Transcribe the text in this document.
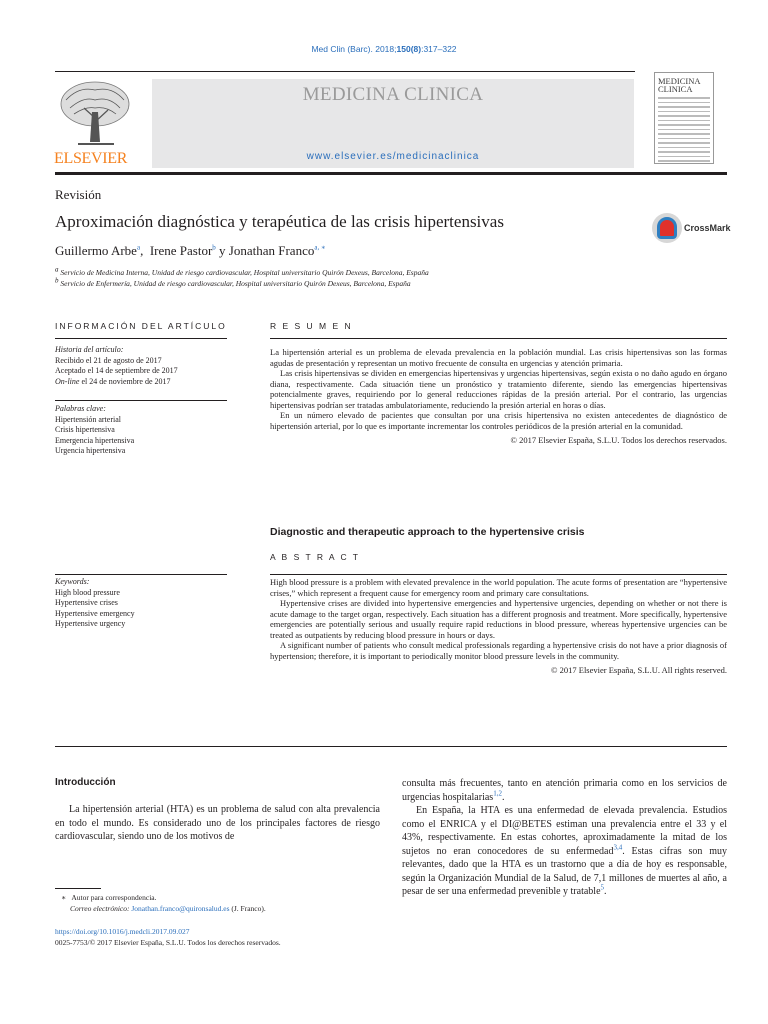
Med Clin (Barc). 2018;150(8):317–322
ELSEVIER
MEDICINA CLINICA
www.elsevier.es/medicinaclinica
MEDICINA CLINICA
Revisión
Aproximación diagnóstica y terapéutica de las crisis hipertensivas	CrossMark
Guillermo Arbe$^a$, Irene Pastor$^b$ y Jonathan Franco$^{a, ∗}$
$^a$ Servicio de Medicina Interna, Unidad de riesgo cardiovascular, Hospital universitario Quirón Dexeus, Barcelona, España
$^b$ Servicio de Enfermería, Unidad de riesgo cardiovascular, Hospital universitario Quirón Dexeus, Barcelona, España
INFORMACIÓN DEL ARTÍCULO
Historia del artículo:
Recibido el 21 de agosto de 2017
Aceptado el 14 de septiembre de 2017
On-line el 24 de noviembre de 2017
Palabras clave:
Hipertensión arterial
Crisis hipertensiva
Emergencia hipertensiva
Urgencia hipertensiva
R E S U M E N

La hipertensión arterial es un problema de elevada prevalencia en la población mundial. Las crisis hipertensivas son las formas agudas de presentación y representan un motivo frecuente de consulta en urgencias y atención primaria.

Las crisis hipertensivas se dividen en emergencias hipertensivas y urgencias hipertensivas, según exista o no daño agudo en órgano diana, respectivamente. Cada situación tiene un pronóstico y tratamiento diferente, siendo las emergencias hipertensivas potencialmente graves, requiriendo por lo general reducciones rápidas de la presión arterial. Por el contrario, las urgencias hipertensivas podrían ser tratadas ambulatoriamente, reduciendo la presión arterial en horas o días.

En un número elevado de pacientes que consultan por una crisis hipertensiva no existen antecedentes de diagnóstico de hipertensión arterial, por lo que es importante incrementar los controles periódicos de la presión arterial en la comunidad.

© 2017 Elsevier España, S.L.U. Todos los derechos reservados.

Diagnostic and therapeutic approach to the hypertensive crisis
A B S T R A C T
Keywords:
High blood pressure
Hypertensive crises
Hypertensive emergency
Hypertensive urgency

High blood pressure is a problem with elevated prevalence in the world population. The acute forms of presentation are “hypertensive crises,” which represent a frequent cause for emergency room and primary care consultations.

Hypertensive crises are divided into hypertensive emergencies and hypertensive urgencies, depending on whether or not there is acute damage to the target organ, respectively. Each situation has a different prognosis and treatment. More specifically, hypertensive emergencies are potentially serious and usually require rapid reductions in blood pressure, whereas hypertensive urgencies can be treated as outpatients by reducing blood pressure in hours or days.

A significant number of patients who consult medical professionals regarding a hypertensive crisis do not have a prior diagnosis of hypertension; therefore, it is important to periodically monitor blood pressure levels in the community.

© 2017 Elsevier España, S.L.U. All rights reserved.

Introducción
La hipertensión arterial (HTA) es un problema de salud con alta prevalencia en todo el mundo. Es considerado uno de los principales factores de riesgo cardiovascular, siendo uno de los motivos de
consulta más frecuentes, tanto en atención primaria como en los servicios de urgencias hospitalarias$^{1,2}$.
En España, la HTA es una enfermedad de elevada prevalencia. Estudios como el ENRICA y el DI@BETES estiman una prevalencia entre el 33 y el 43%, respectivamente. En estas cohortes, aproximadamente la mitad de los sujetos no eran conocedores de su enfermedad$^{3,4}$. Estas cifras son muy relevantes, dado que la HTA es un trastorno que a día de hoy es responsable, según la Organización Mundial de la Salud, de 7,1 millones de muertes al año, a pesar de ser una enfermedad prevenible y tratable$^5$.
∗ Autor para correspondencia.
Correo electrónico: Jonathan.franco@quironsalud.es (J. Franco).
https://doi.org/10.1016/j.medcli.2017.09.027
0025-7753/© 2017 Elsevier España, S.L.U. Todos los derechos reservados.
